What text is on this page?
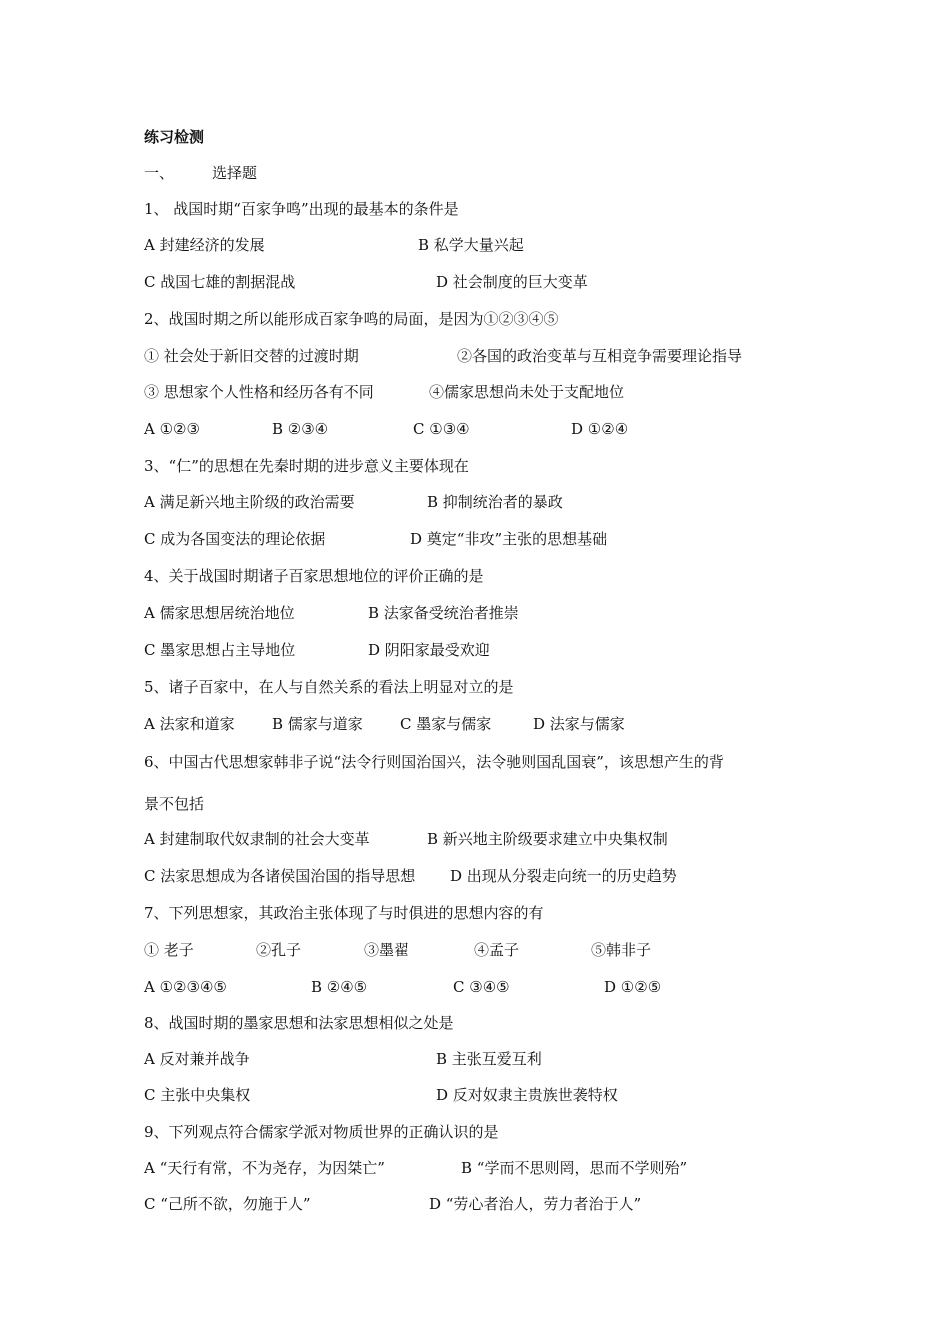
练习检测
一、	选择题
1、 战国时期“百家争鸣”出现的最基本的条件是
A 封建经济的发展	B 私学大量兴起
C 战国七雄的割据混战	D 社会制度的巨大变革
2、战国时期之所以能形成百家争鸣的局面，是因为①②③④⑤
① 社会处于新旧交替的过渡时期	②各国的政治变革与互相竞争需要理论指导
③ 思想家个人性格和经历各有不同	④儒家思想尚未处于支配地位
A ①②③	B ②③④	C ①③④	D ①②④
3、“仁”的思想在先秦时期的进步意义主要体现在
A 满足新兴地主阶级的政治需要	B 抑制统治者的暴政
C 成为各国变法的理论依据	D 奠定“非攻”主张的思想基础
4、关于战国时期诸子百家思想地位的评价正确的是
A 儒家思想居统治地位	B 法家备受统治者推崇
C 墨家思想占主导地位	D 阴阳家最受欢迎
5、诸子百家中，在人与自然关系的看法上明显对立的是
A 法家和道家 B 儒家与道家 C 墨家与儒家	D 法家与儒家
6、中国古代思想家韩非子说“法令行则国治国兴，法令驰则国乱国衰”，该思想产生的背
景不包括
A 封建制取代奴隶制的社会大变革	B 新兴地主阶级要求建立中央集权制
C 法家思想成为各诸侯国治国的指导思想 D 出现从分裂走向统一的历史趋势
7、下列思想家，其政治主张体现了与时俱进的思想内容的有
① 老子	②孔子	③墨翟	④孟子	⑤韩非子
A ①②③④⑤	B ②④⑤	C ③④⑤	D ①②⑤
8、战国时期的墨家思想和法家思想相似之处是
A 反对兼并战争	B 主张互爱互利
C 主张中央集权	D 反对奴隶主贵族世袭特权
9、下列观点符合儒家学派对物质世界的正确认识的是
A “天行有常，不为尧存，为因桀亡”	B “学而不思则罔，思而不学则殆”
C “己所不欲，勿施于人”	D “劳心者治人，劳力者治于人”
